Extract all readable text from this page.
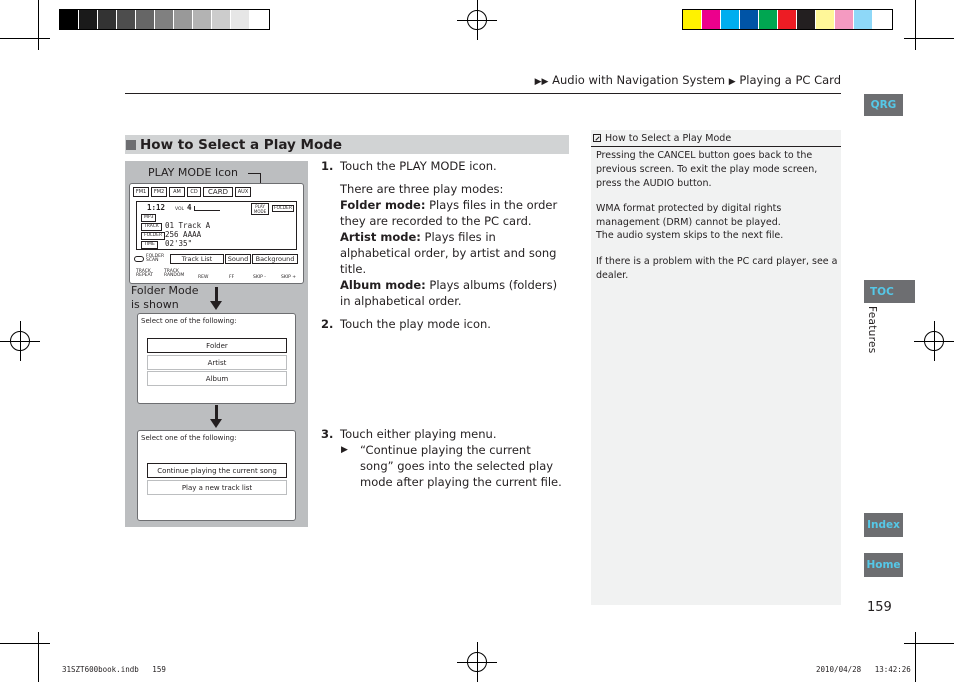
▶▶ Audio with Navigation System ▶ Playing a PC Card
QRG
TOC
Features
Index
Home
159
How to Select a Play Mode
PLAY MODE Icon
FM1	FM2	AM	CD	CARD	AUX
1:12 VOL 4	PLAY MODE
FOLDER
MP3
TRACK 01 Track A
FOLDER 256 AAAA
TIME	02'35"
Track List	Sound	Background
FOLDER SCAN
TRACK REPEAT
TRACK RANDOM	REW	FF	SKIP -	SKIP +
Folder Mode
is shown
Select one of the following:
Folder
Artist
Album
Select one of the following:
Continue playing the current song
Play a new track list
1. Touch the PLAY MODE icon.
There are three play modes:
Folder mode: Plays files in the order they are recorded to the PC card.
Artist mode: Plays files in alphabetical order, by artist and song title.
Album mode: Plays albums (folders) in alphabetical order.
2. Touch the play mode icon.
3. Touch either playing menu.
▶ “Continue playing the current song” goes into the selected play mode after playing the current file.
How to Select a Play Mode
Pressing the CANCEL button goes back to the previous screen. To exit the play mode screen, press the AUDIO button.
WMA format protected by digital rights management (DRM) cannot be played.
The audio system skips to the next file.
If there is a problem with the PC card player, see a dealer.
31SZT600book.indb   159	2010/04/28   13:42:26
